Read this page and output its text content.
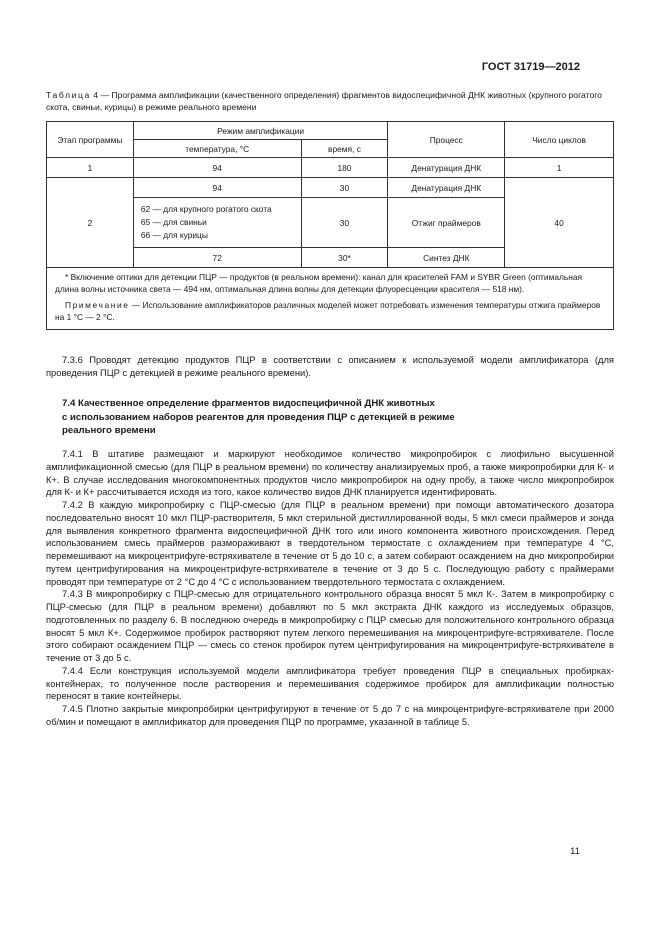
ГОСТ 31719—2012
Таблица 4 — Программа амплификации (качественного определения) фрагментов видоспецифичной ДНК животных (крупного рогатого скота, свиньи, курицы) в режиме реального времени
Этап программы	Режим амплификации		Процесс	Число циклов
	температура, °С	время, с		
1	94	180	Денатурация ДНК	1
2	94	30	Денатурация ДНК	40

	62 — для крупного рогатого скота
65 — для свиньи
66 — для курицы	30	Отжиг праймеров	
	72	30*	Синтез ДНК	

* Включение оптики для детекции ПЦР — продуктов (в реальном времени): канал для красителей FAM и SYBR Green (оптимальная длина волны источника света — 494 нм, оптимальная длина волны для детекции флуоресценции красителя — 518 нм).

Примечание — Использование амплификаторов различных моделей может потребовать изменения температуры отжига праймеров на 1 °С — 2 °С.				

7.3.6 Проводят детекцию продуктов ПЦР в соответствии с описанием к используемой модели амплификатора (для проведения ПЦР с детекцией в режиме реального времени).

7.4 Качественное определение фрагментов видоспецифичной ДНК животных
с использованием наборов реагентов для проведения ПЦР с детекцией в режиме
реального времени

7.4.1 В штативе размещают и маркируют необходимое количество микропробирок с лиофильно высушенной амплификационной смесью (для ПЦР в реальном времени) по количеству анализируемых проб, а также микропробирки для К- и К+. В случае исследования многокомпонентных продуктов число микропробирок на одну пробу, а также число микропробирок для К- и К+ рассчитывается исходя из того, какое количество видов ДНК планируется идентифировать.

7.4.2 В каждую микропробирку с ПЦР-смесью (для ПЦР в реальном времени) при помощи автоматического дозатора последовательно вносят 10 мкл ПЦР-растворителя, 5 мкл стерильной дистиллированной воды, 5 мкл смеси праймеров и зонда для выявления конкретного фрагмента видоспецифичной ДНК того или иного компонента животного происхождения. Перед использованием смесь праймеров размораживают в твердотельном термостате с охлаждением при температуре 4 °С, перемешивают на микроцентрифуге-встряхивателе в течение от 5 до 10 с, а затем собирают осаждением на дно микропробирки путем центрифугирования на микроцентрифуге-встряхивателе в течение от 3 до 5 с. Последующую работу с праймерами проводят при температуре от 2 °С до 4 °С с использованием твердотельного термостата с охлаждением.

7.4.3 В микропробирку с ПЦР-смесью для отрицательного контрольного образца вносят 5 мкл К-. Затем в микропробирку с ПЦР-смесью (для ПЦР в реальном времени) добавляют по 5 мкл экстракта ДНК каждого из исследуемых образцов, подготовленных по разделу 6. В последнюю очередь в микропробирку с ПЦР смесью для положительного контрольного образца вносят 5 мкл К+. Содержимое пробирок растворяют путем легкого перемешивания на микроцентрифуге-встряхивателе. После этого собирают осаждением ПЦР — смесь со стенок пробирок путем центрифугирования на микроцентрифуге-встряхивателе в течение от 3 до 5 с.

7.4.4 Если конструкция используемой модели амплификатора требует проведения ПЦР в специальных пробирках-контейнерах, то полученное после растворения и перемешивания содержимое пробирок для амплификации полностью переносят в такие контейнеры.

7.4.5 Плотно закрытые микропробирки центрифугируют в течение от 5 до 7 с на микроцентрифуге-встряхивателе при 2000 об/мин и помещают в амплификатор для проведения ПЦР по программе, указанной в таблице 5.

11
